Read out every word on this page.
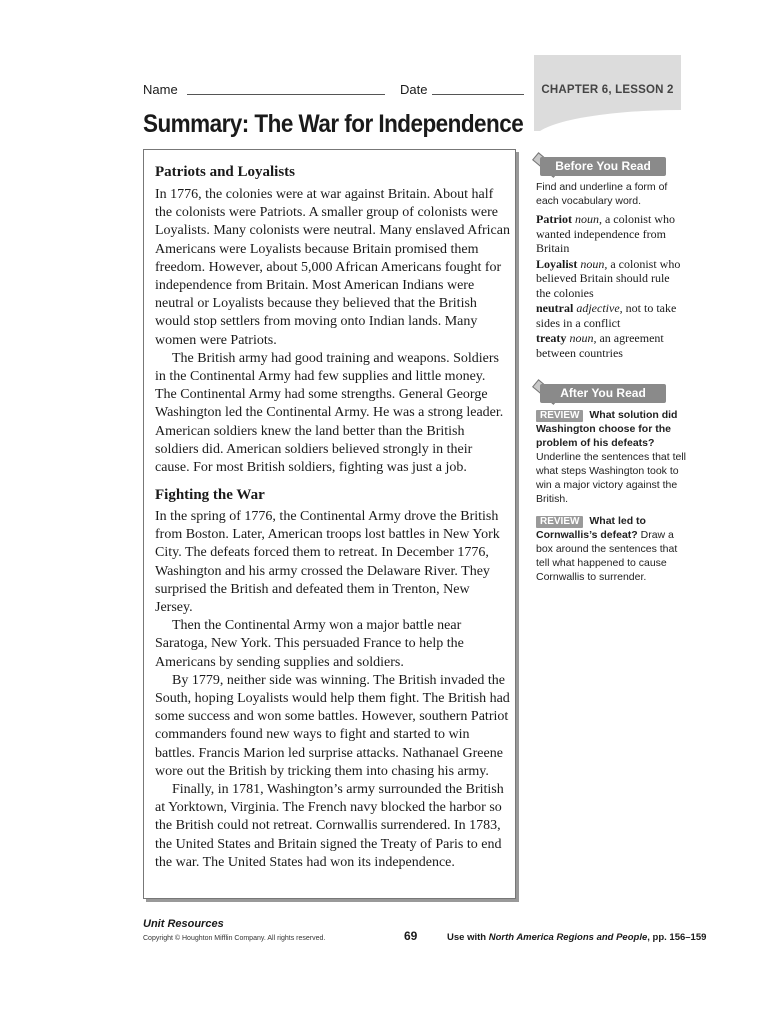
Name	Date	CHAPTER 6, LESSON 2
Summary: The War for Independence
Patriots and Loyalists

In 1776, the colonies were at war against Britain. About half the colonists were Patriots. A smaller group of colonists were Loyalists. Many colonists were neutral. Many enslaved African Americans were Loyalists because Britain promised them freedom. However, about 5,000 African Americans fought for independence from Britain. Most American Indians were neutral or Loyalists because they believed that the British would stop settlers from moving onto Indian lands. Many women were Patriots.

The British army had good training and weapons. Soldiers in the Continental Army had few supplies and little money. The Continental Army had some strengths. General George Washington led the Continental Army. He was a strong leader. American soldiers knew the land better than the British soldiers did. American soldiers believed strongly in their cause. For most British soldiers, fighting was just a job.

Fighting the War

In the spring of 1776, the Continental Army drove the British from Boston. Later, American troops lost battles in New York City. The defeats forced them to retreat. In December 1776, Washington and his army crossed the Delaware River. They surprised the British and defeated them in Trenton, New Jersey.

Then the Continental Army won a major battle near Saratoga, New York. This persuaded France to help the Americans by sending supplies and soldiers.

By 1779, neither side was winning. The British invaded the South, hoping Loyalists would help them fight. The British had some success and won some battles. However, southern Patriot commanders found new ways to fight and started to win battles. Francis Marion led surprise attacks. Nathanael Greene wore out the British by tricking them into chasing his army.

Finally, in 1781, Washington’s army surrounded the British at Yorktown, Virginia. The French navy blocked the harbor so the British could not retreat. Cornwallis surrendered. In 1783, the United States and Britain signed the Treaty of Paris to end the war. The United States had won its independence.

Before You Read
Find and underline a form of each vocabulary word.
Patriot noun, a colonist who wanted independence from Britain
Loyalist noun, a colonist who believed Britain should rule the colonies
neutral adjective, not to take sides in a conflict
treaty noun, an agreement between countries
After You Read
REVIEW What solution did Washington choose for the problem of his defeats? Underline the sentences that tell what steps Washington took to win a major victory against the British.
REVIEW What led to Cornwallis’s defeat? Draw a box around the sentences that tell what happened to cause Cornwallis to surrender.
Unit Resources
Copyright © Houghton Mifflin Company. All rights reserved.	69	Use with North America Regions and People, pp. 156–159
